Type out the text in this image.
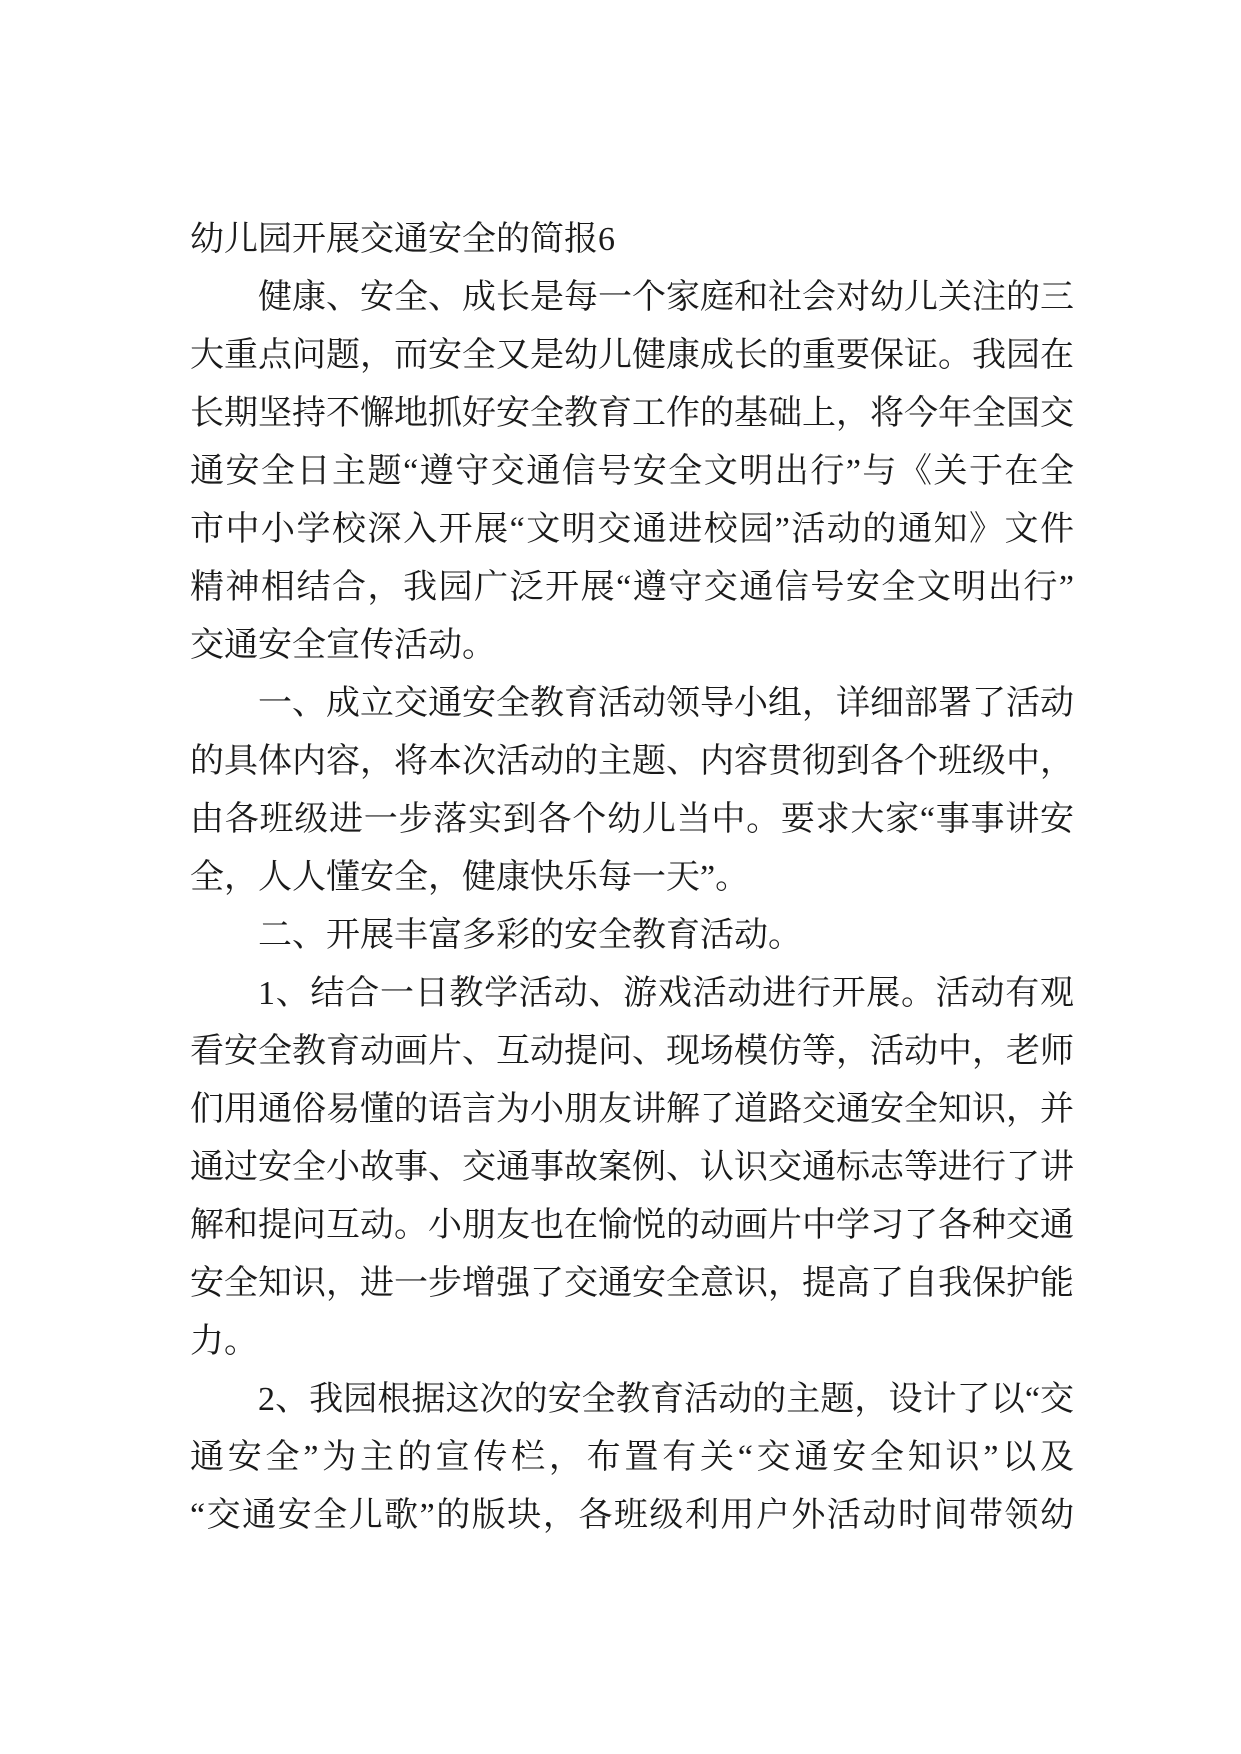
幼儿园开展交通安全的简报6
健康、安全、成长是每一个家庭和社会对幼儿关注的三
大重点问题，而安全又是幼儿健康成长的重要保证。我园在
长期坚持不懈地抓好安全教育工作的基础上，将今年全国交
通安全日主题“遵守交通信号安全文明出行”与《关于在全
市中小学校深入开展“文明交通进校园”活动的通知》文件
精神相结合，我园广泛开展“遵守交通信号安全文明出行”
交通安全宣传活动。
一、成立交通安全教育活动领导小组，详细部署了活动
的具体内容，将本次活动的主题、内容贯彻到各个班级中，
由各班级进一步落实到各个幼儿当中。要求大家“事事讲安
全，人人懂安全，健康快乐每一天”。
二、开展丰富多彩的安全教育活动。
1、结合一日教学活动、游戏活动进行开展。活动有观
看安全教育动画片、互动提问、现场模仿等，活动中，老师
们用通俗易懂的语言为小朋友讲解了道路交通安全知识，并
通过安全小故事、交通事故案例、认识交通标志等进行了讲
解和提问互动。小朋友也在愉悦的动画片中学习了各种交通
安全知识，进一步增强了交通安全意识，提高了自我保护能
力。
2、我园根据这次的安全教育活动的主题，设计了以“交
通安全”为主的宣传栏，布置有关“交通安全知识”以及
“交通安全儿歌”的版块，各班级利用户外活动时间带领幼
